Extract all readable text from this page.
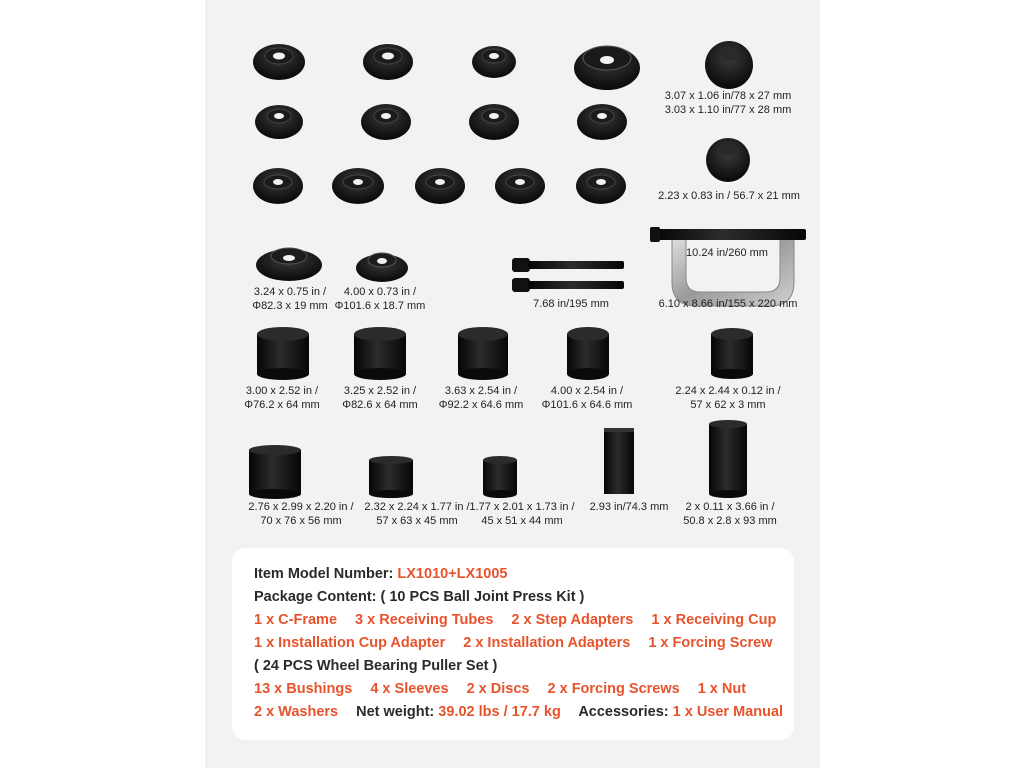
3.07 x 1.06 in/78 x 27 mm
3.03 x 1.10 in/77 x 28 mm
2.23 x 0.83 in / 56.7 x 21 mm
3.24 x 0.75 in /
Φ82.3 x 19 mm
4.00 x 0.73 in /
Φ101.6 x 18.7 mm	7.68 in/195 mm
10.24 in/260 mm
6.10 x 8.66 in/155 x 220 mm
3.00 x 2.52 in /
Φ76.2 x 64 mm
3.25 x 2.52 in /
Φ82.6 x 64 mm
3.63 x 2.54 in /
Φ92.2 x 64.6 mm
4.00 x 2.54 in /
Φ101.6 x 64.6 mm
2.24 x 2.44 x 0.12 in /
57 x 62 x 3 mm
2.76 x 2.99 x 2.20 in /
70 x 76 x 56 mm
2.32 x 2.24 x 1.77 in /
57 x 63 x 45 mm
1.77 x 2.01 x 1.73 in /
45 x 51 x 44 mm
2.93 in/74.3 mm 2 x 0.11 x 3.66 in /
50.8 x 2.8 x 93 mm
Item Model Number: LX1010+LX1005
Package Content: ( 10 PCS Ball Joint Press Kit )
1 x C-Frame 3 x Receiving Tubes 2 x Step Adapters 1 x Receiving Cup
1 x Installation Cup Adapter 2 x Installation Adapters 1 x Forcing Screw
( 24 PCS Wheel Bearing Puller Set )
13 x Bushings 4 x Sleeves 2 x Discs 2 x Forcing Screws 1 x Nut
2 x Washers Net weight: 39.02 lbs / 17.7 kg Accessories: 1 x User Manual
